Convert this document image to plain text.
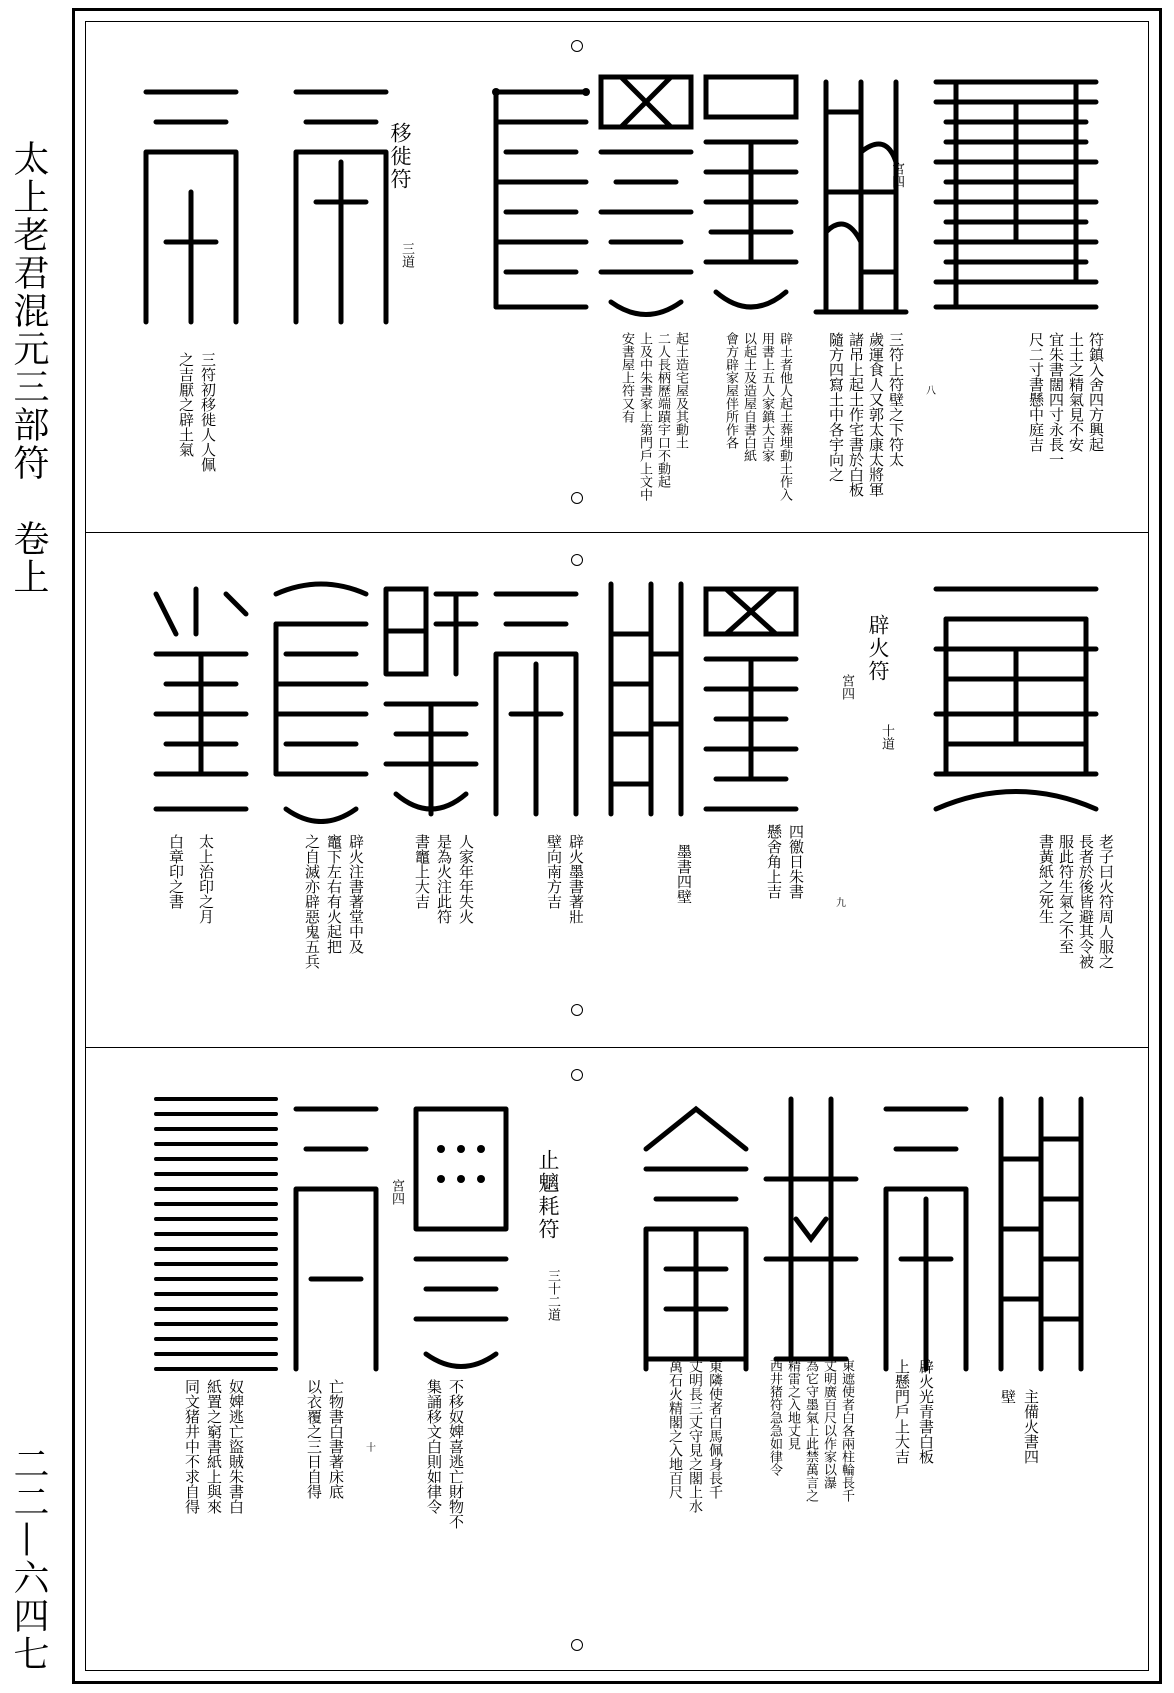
太上老君混元三部符　卷上
二二—六四七
符鎮入舍四方興起
土土之精氣見不安
宜朱書闊四寸永長一
尺二寸書懸中庭吉
三符上符壁之下符太
歲運食人又郭太康太將軍
諸吊上起土作宅書於白板
隨方四寫土中各宇向之	八
宮四
辟土者他人起土葬埋動土作入
用書上五人家鎮大吉家
以起土及造屋自書白紙
會方辟家屋伴所作各
起土造宅屋及其動土
二人長柄歷端蹟宇口不動起
上及中朱書家上第門戶上文中
安書屋上符又有
移徙符
三道
三符初移徙人人佩
之吉厭之辟土氣
老子曰火符周人服之
長者於後皆避其令被
服此符生氣之不至
書黃紙之死生
辟火符
十道
宮四
九
四徼日朱書
懸舍角上吉
墨書四壁
辟火墨書著壯
壁向南方吉
人家年年失火
是為火注此符
書竈上大吉
辟火注書著堂中及
竈下左右有火起把
之自滅亦辟惡鬼五兵
太上治印之月
白章印之書
主備火書四
壁
辟火光青書白板
上懸門戶上大吉
東遮使者白各兩柱輪長千
丈明廣百尺以作家以瀑
為它守墨氣上此禁萬言之
精雷之入地丈見
西井猪符急急如律令
東隣使者白馬佩身長千
丈明長三丈守見之閣上水
萬石火精閣之入地百尺
止魑耗符
三十二道
宮四
十	不移奴婢喜逃亡財物不
集誦移文白則如律令
亡物書白書著床底
以衣覆之三日自得
奴婢逃亡盜賊朱書白
紙置之窮書紙上與來
同文猪井中不求自得
